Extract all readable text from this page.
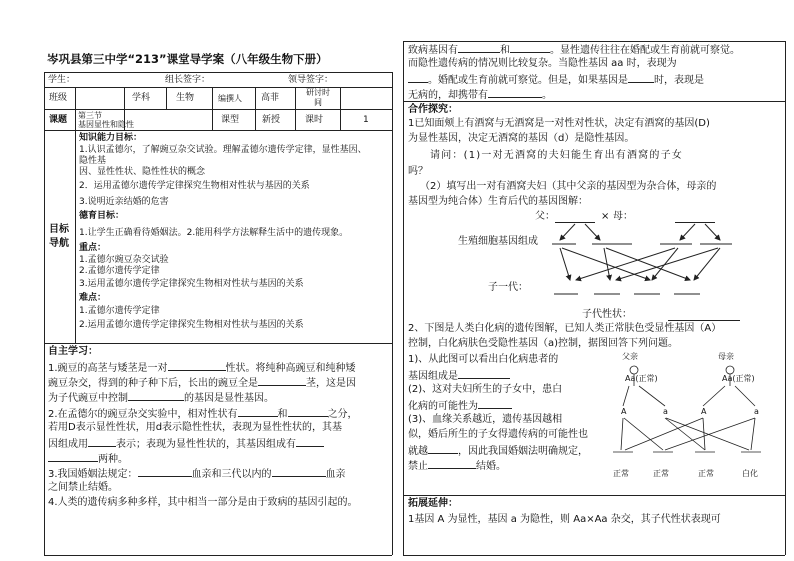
岑巩县第三中学“213”课堂导学案（八年级生物下册）
学生：	组长签字：	领导签字：
班级	学科	生物	编撰人 高菲
研讨时间
课题 第三节
基因显性和隐性	课型	新授	课时	1
目标
导航
知识能力目标：
1.认识孟德尔，了解豌豆杂交试验。理解孟德尔遗传学定律，显性基因、
隐性基
因、显性性状、隐性性状的概念
2．运用孟德尔遗传学定律探究生物相对性状与基因的关系
3.说明近亲结婚的危害
德育目标：
1.让学生正确看待婚姻法。2.能用科学方法解释生活中的遗传现象。
重点：
1.孟德尔豌豆杂交试验
2.孟德尔遗传学定律
3.运用孟德尔遗传学定律探究生物相对性状与基因的关系
难点：
1.孟德尔遗传学定律
2.运用孟德尔遗传学定律探究生物相对性状与基因的关系
自主学习：
1.豌豆的高茎与矮茎是一对	性状。将纯种高豌豆和纯种矮
豌豆杂交，得到的种子种下后，长出的豌豆全是	茎，这是因
为子代豌豆中控制	的基因是显性基因。
2.在孟德尔的豌豆杂交实验中，相对性状有	和	之分，
若用D表示显性性状，用d表示隐性性状，表现为显性性状的，其基
因组成用	表示；表现为显性性状的，其基因组成有
两种。
3.我国婚姻法规定：	血亲和三代以内的	血亲
之间禁止结婚。
4.人类的遗传病多种多样，其中相当一部分是由于致病的基因引起的。
致病基因有	和	。显性遗传往往在婚配或生育前就可察觉。
而隐性遗传病的情况则比较复杂。当隐性基因 aa 时，表现为
。婚配或生育前就可察觉。但是，如果基因是	时，表现是
无病的，却携带有	。
合作探究：
1已知面颊上有酒窝与无酒窝是一对性对性状，决定有酒窝的基因(D)
为显性基因，决定无酒窝的基因（d）是隐性基因。
请问：(1)一对无酒窝的夫妇能生育出有酒窝的子女
吗？
（2）填写出一对有酒窝夫妇（其中父亲的基因型为杂合体，母亲的
基因型为纯合体）生育后代的基因图解：
父：	× 母：
生殖细胞基因组成
子一代：
子代性状：
2、下图是人类白化病的遗传图解，已知人类正常肤色受显性基因（A）
控制，白化病肤色受隐性基因（a)控制，据图回答下列问题。
1)、从此图可以看出白化病患者的
基因组成是
(2)、这对夫妇所生的子女中，患白
化病的可能性为
(3)、血缘关系越近，遗传基因越相
似，婚后所生的子女得遗传病的可能性也
就越	，因此我国婚姻法明确规定，
禁止	结婚。
父亲	母亲
Aa(正常)	Aa(正常)
A	a	A	a
正常	正常	正常	白化
拓展延伸：
1基因 A 为显性，基因 a 为隐性，则 Aa×Aa 杂交，其子代性状表现可
